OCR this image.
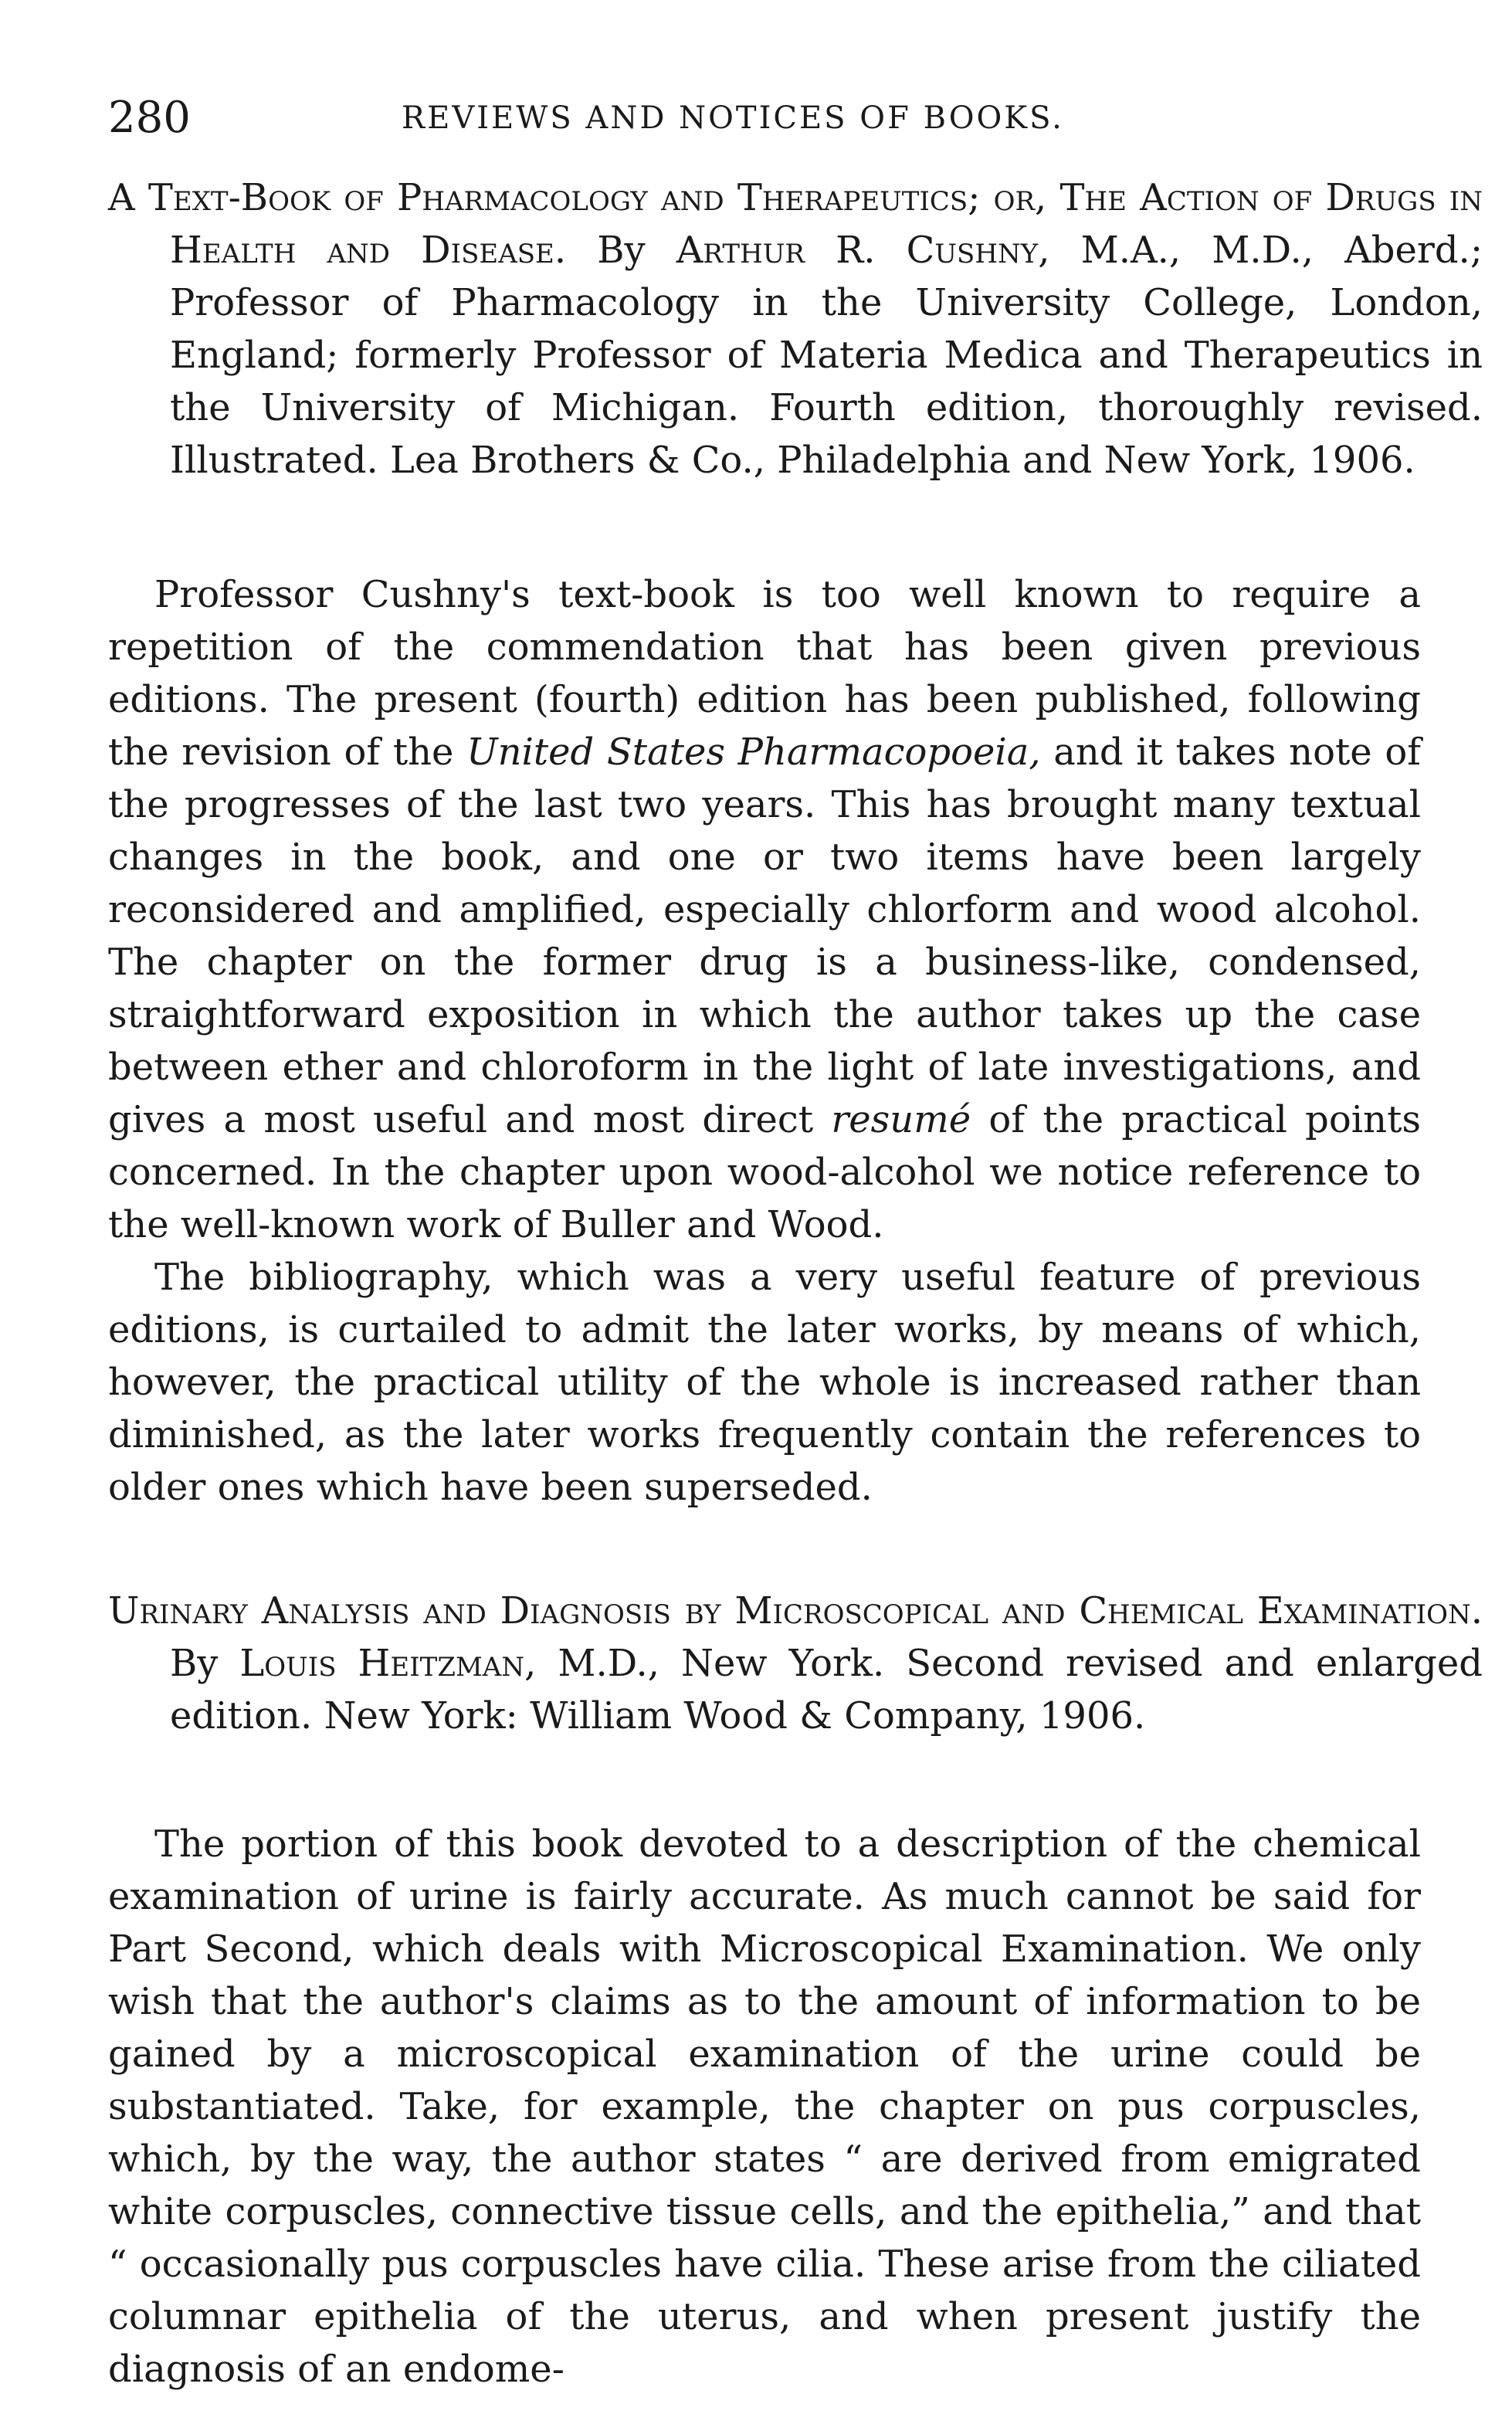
280	REVIEWS AND NOTICES OF BOOKS.

A Text-Book of Pharmacology and Therapeutics; or, The Action of Drugs in Health and Disease. By Arthur R. Cushny, M.A., M.D., Aberd.; Professor of Pharmacology in the University College, London, England; formerly Professor of Materia Medica and Therapeutics in the University of Michigan. Fourth edition, thoroughly revised. Illustrated. Lea Brothers & Co., Philadelphia and New York, 1906.

Professor Cushny's text-book is too well known to require a repetition of the commendation that has been given previous editions. The present (fourth) edition has been published, following the revision of the United States Pharmacopoeia, and it takes note of the progresses of the last two years. This has brought many textual changes in the book, and one or two items have been largely reconsidered and amplified, especially chlorform and wood alcohol. The chapter on the former drug is a business-like, condensed, straightforward exposition in which the author takes up the case between ether and chloroform in the light of late investigations, and gives a most useful and most direct resumé of the practical points concerned. In the chapter upon wood-alcohol we notice reference to the well-known work of Buller and Wood.

The bibliography, which was a very useful feature of previous editions, is curtailed to admit the later works, by means of which, however, the practical utility of the whole is increased rather than diminished, as the later works frequently contain the references to older ones which have been superseded.

Urinary Analysis and Diagnosis by Microscopical and Chemical Examination. By Louis Heitzman, M.D., New York. Second revised and enlarged edition. New York: William Wood & Company, 1906.

The portion of this book devoted to a description of the chemical examination of urine is fairly accurate. As much cannot be said for Part Second, which deals with Microscopical Examination. We only wish that the author's claims as to the amount of information to be gained by a microscopical examination of the urine could be substantiated. Take, for example, the chapter on pus corpuscles, which, by the way, the author states “ are derived from emigrated white corpuscles, connective tissue cells, and the epithelia,” and that “ occasionally pus corpuscles have cilia. These arise from the ciliated columnar epithelia of the uterus, and when present justify the diagnosis of an endome-
